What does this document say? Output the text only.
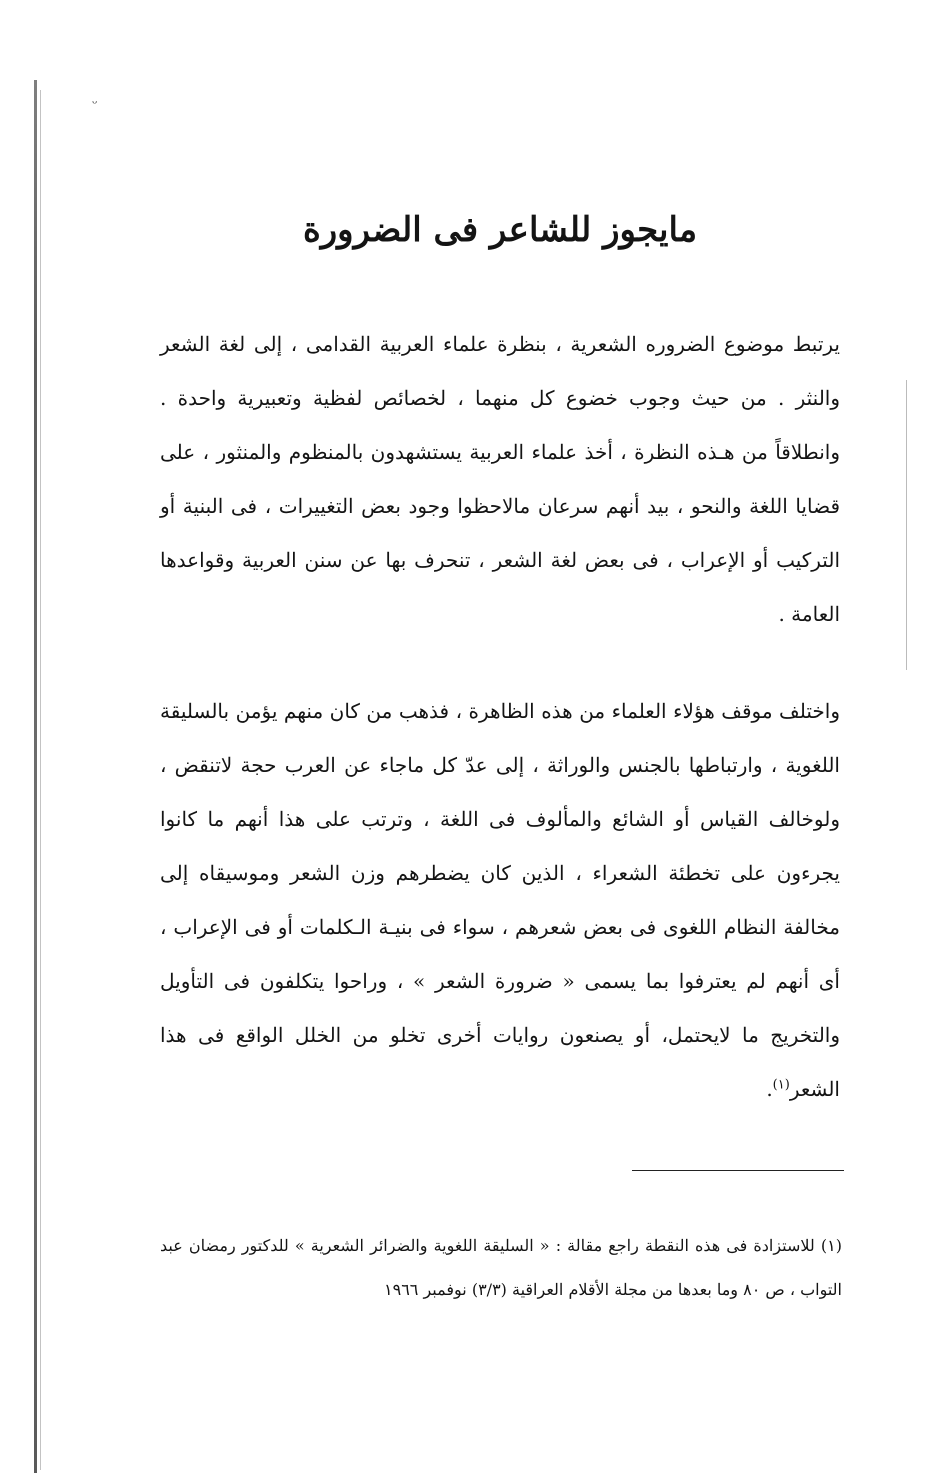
ᵕ
مايجوز للشاعر فى الضرورة
يرتبط موضوع الضروره الشعرية ، بنظرة علماء العربية القدامى ، إلى لغة الشعر والنثر . من حيث وجوب خضوع كل منهما ، لخصائص لفظية وتعبيرية واحدة . وانطلاقاً من هـذه النظرة ، أخذ علماء العربية يستشهدون بالمنظوم والمنثور ، على قضايا اللغة والنحو ، بيد أنهم سرعان مالاحظوا وجود بعض التغييرات ، فى البنية أو التركيب أو الإعراب ، فى بعض لغة الشعر ، تنحرف بها عن سنن العربية وقواعدها العامة .
واختلف موقف هؤلاء العلماء من هذه الظاهرة ، فذهب من كان منهم يؤمن بالسليقة اللغوية ، وارتباطها بالجنس والوراثة ، إلى عدّ كل ماجاء عن العرب حجة لاتنقض ، ولوخالف القياس أو الشائع والمألوف فى اللغة ، وترتب على هذا أنهم ما كانوا يجرءون على تخطئة الشعراء ، الذين كان يضطرهم وزن الشعر وموسيقاه إلى مخالفة النظام اللغوى فى بعض شعرهم ، سواء فى بنيـة الـكلمات أو فى الإعراب ، أى أنهم لم يعترفوا بما يسمى « ضرورة الشعر » ، وراحوا يتكلفون فى التأويل والتخريج ما لايحتمل، أو يصنعون روايات أخرى تخلو من الخلل الواقع فى هذا الشعر$^{(١)}$.
(١) للاستزادة فى هذه النقطة راجع مقالة : « السليقة اللغوية والضرائر الشعرية » للدكتور رمضان عبد التواب ، ص ٨٠ وما بعدها من مجلة الأقلام العراقية (٣/٣) نوفمبر ١٩٦٦
